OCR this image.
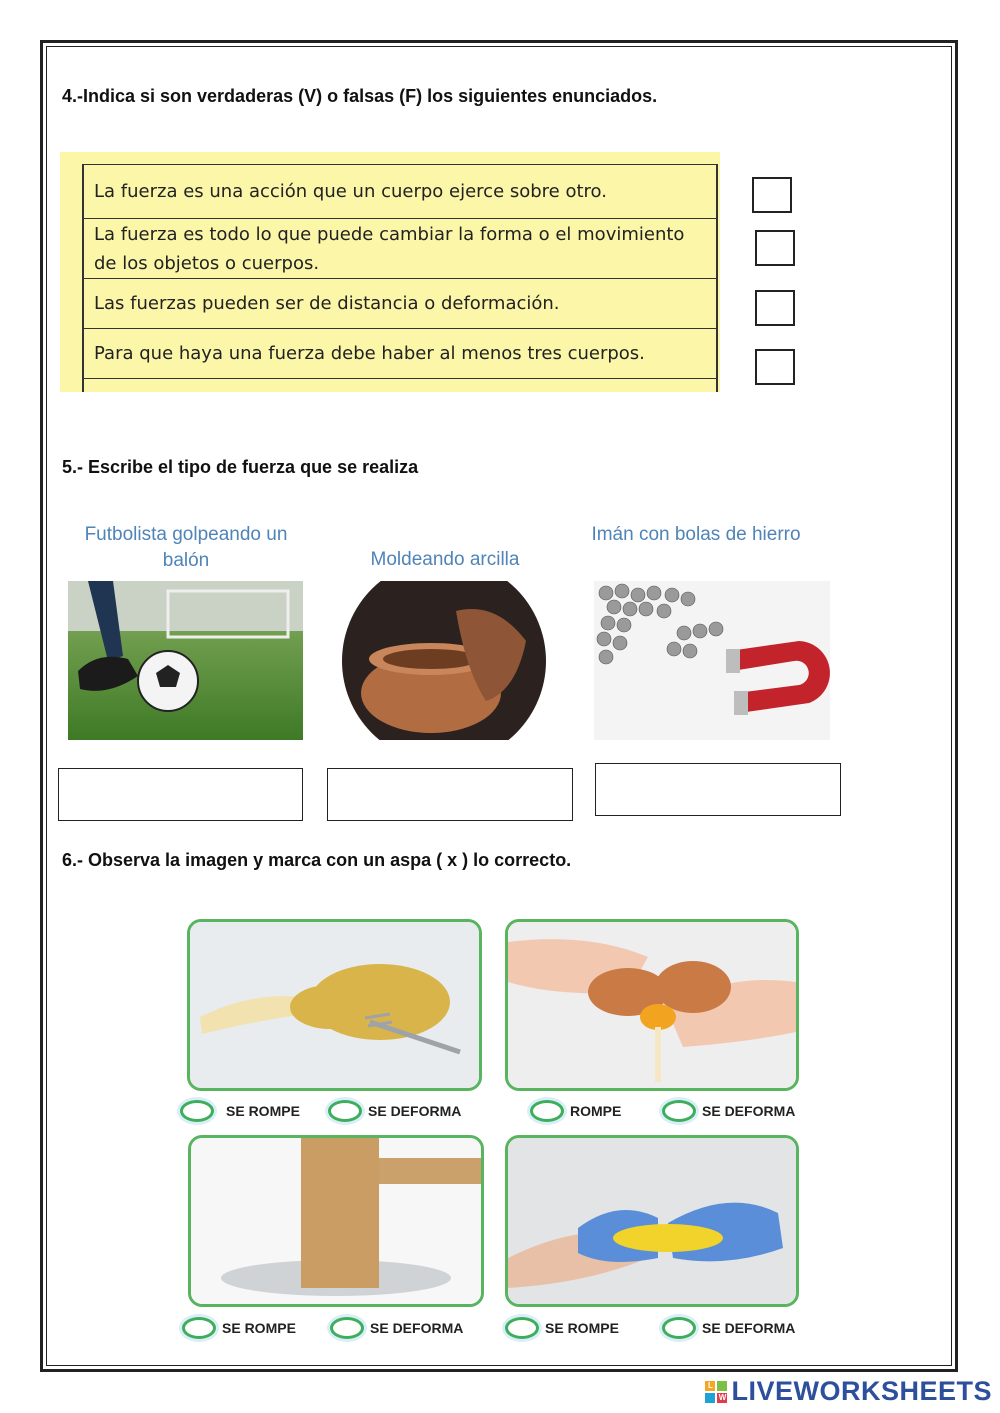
4.-Indica si son verdaderas (V) o falsas (F) los siguientes enunciados.
La fuerza es una acción que un cuerpo ejerce sobre otro.
La fuerza es todo lo que puede cambiar la forma o el movimiento de los objetos o cuerpos.
Las fuerzas pueden ser de distancia o deformación.
Para que haya una fuerza debe haber al menos tres cuerpos.
5.- Escribe el tipo de fuerza que se realiza
Futbolista golpeando un balón	Moldeando arcilla
Imán con bolas de hierro
6.- Observa la imagen y marca con un aspa ( x ) lo correcto.
SE ROMPE	SE DEFORMA	ROMPE	SE DEFORMA
SE ROMPE	SE DEFORMA	SE ROMPE	SE DEFORMA
L
W LIVEWORKSHEETS
